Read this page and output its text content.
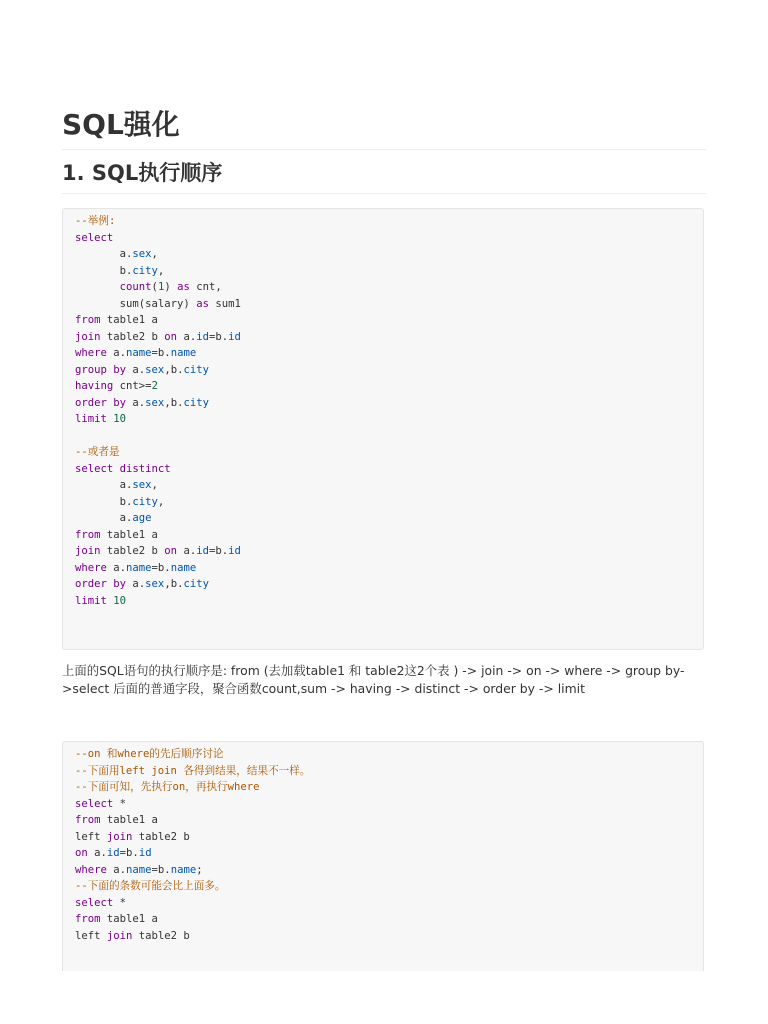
SQL强化
1. SQL执行顺序
--举例:
select
a.sex,
b.city,
count(1) as cnt,
sum(salary) as sum1
from table1 a
join table2 b on a.id=b.id
where a.name=b.name
group by a.sex,b.city
having cnt>=2
order by a.sex,b.city
limit 10

--或者是
select distinct
a.sex,
b.city,
a.age
from table1 a
join table2 b on a.id=b.id
where a.name=b.name
order by a.sex,b.city
limit 10

上面的SQL语句的执行顺序是: from (去加载table1 和 table2这2个表 ) -> join -> on -> where -> group by->select 后面的普通字段，聚合函数count,sum -> having -> distinct -> order by -> limit

--on 和where的先后顺序讨论
--下面用left join 各得到结果，结果不一样。
--下面可知，先执行on，再执行where
select *
from table1 a
left join table2 b
on a.id=b.id
where a.name=b.name;
--下面的条数可能会比上面多。
select *
from table1 a
left join table2 b
